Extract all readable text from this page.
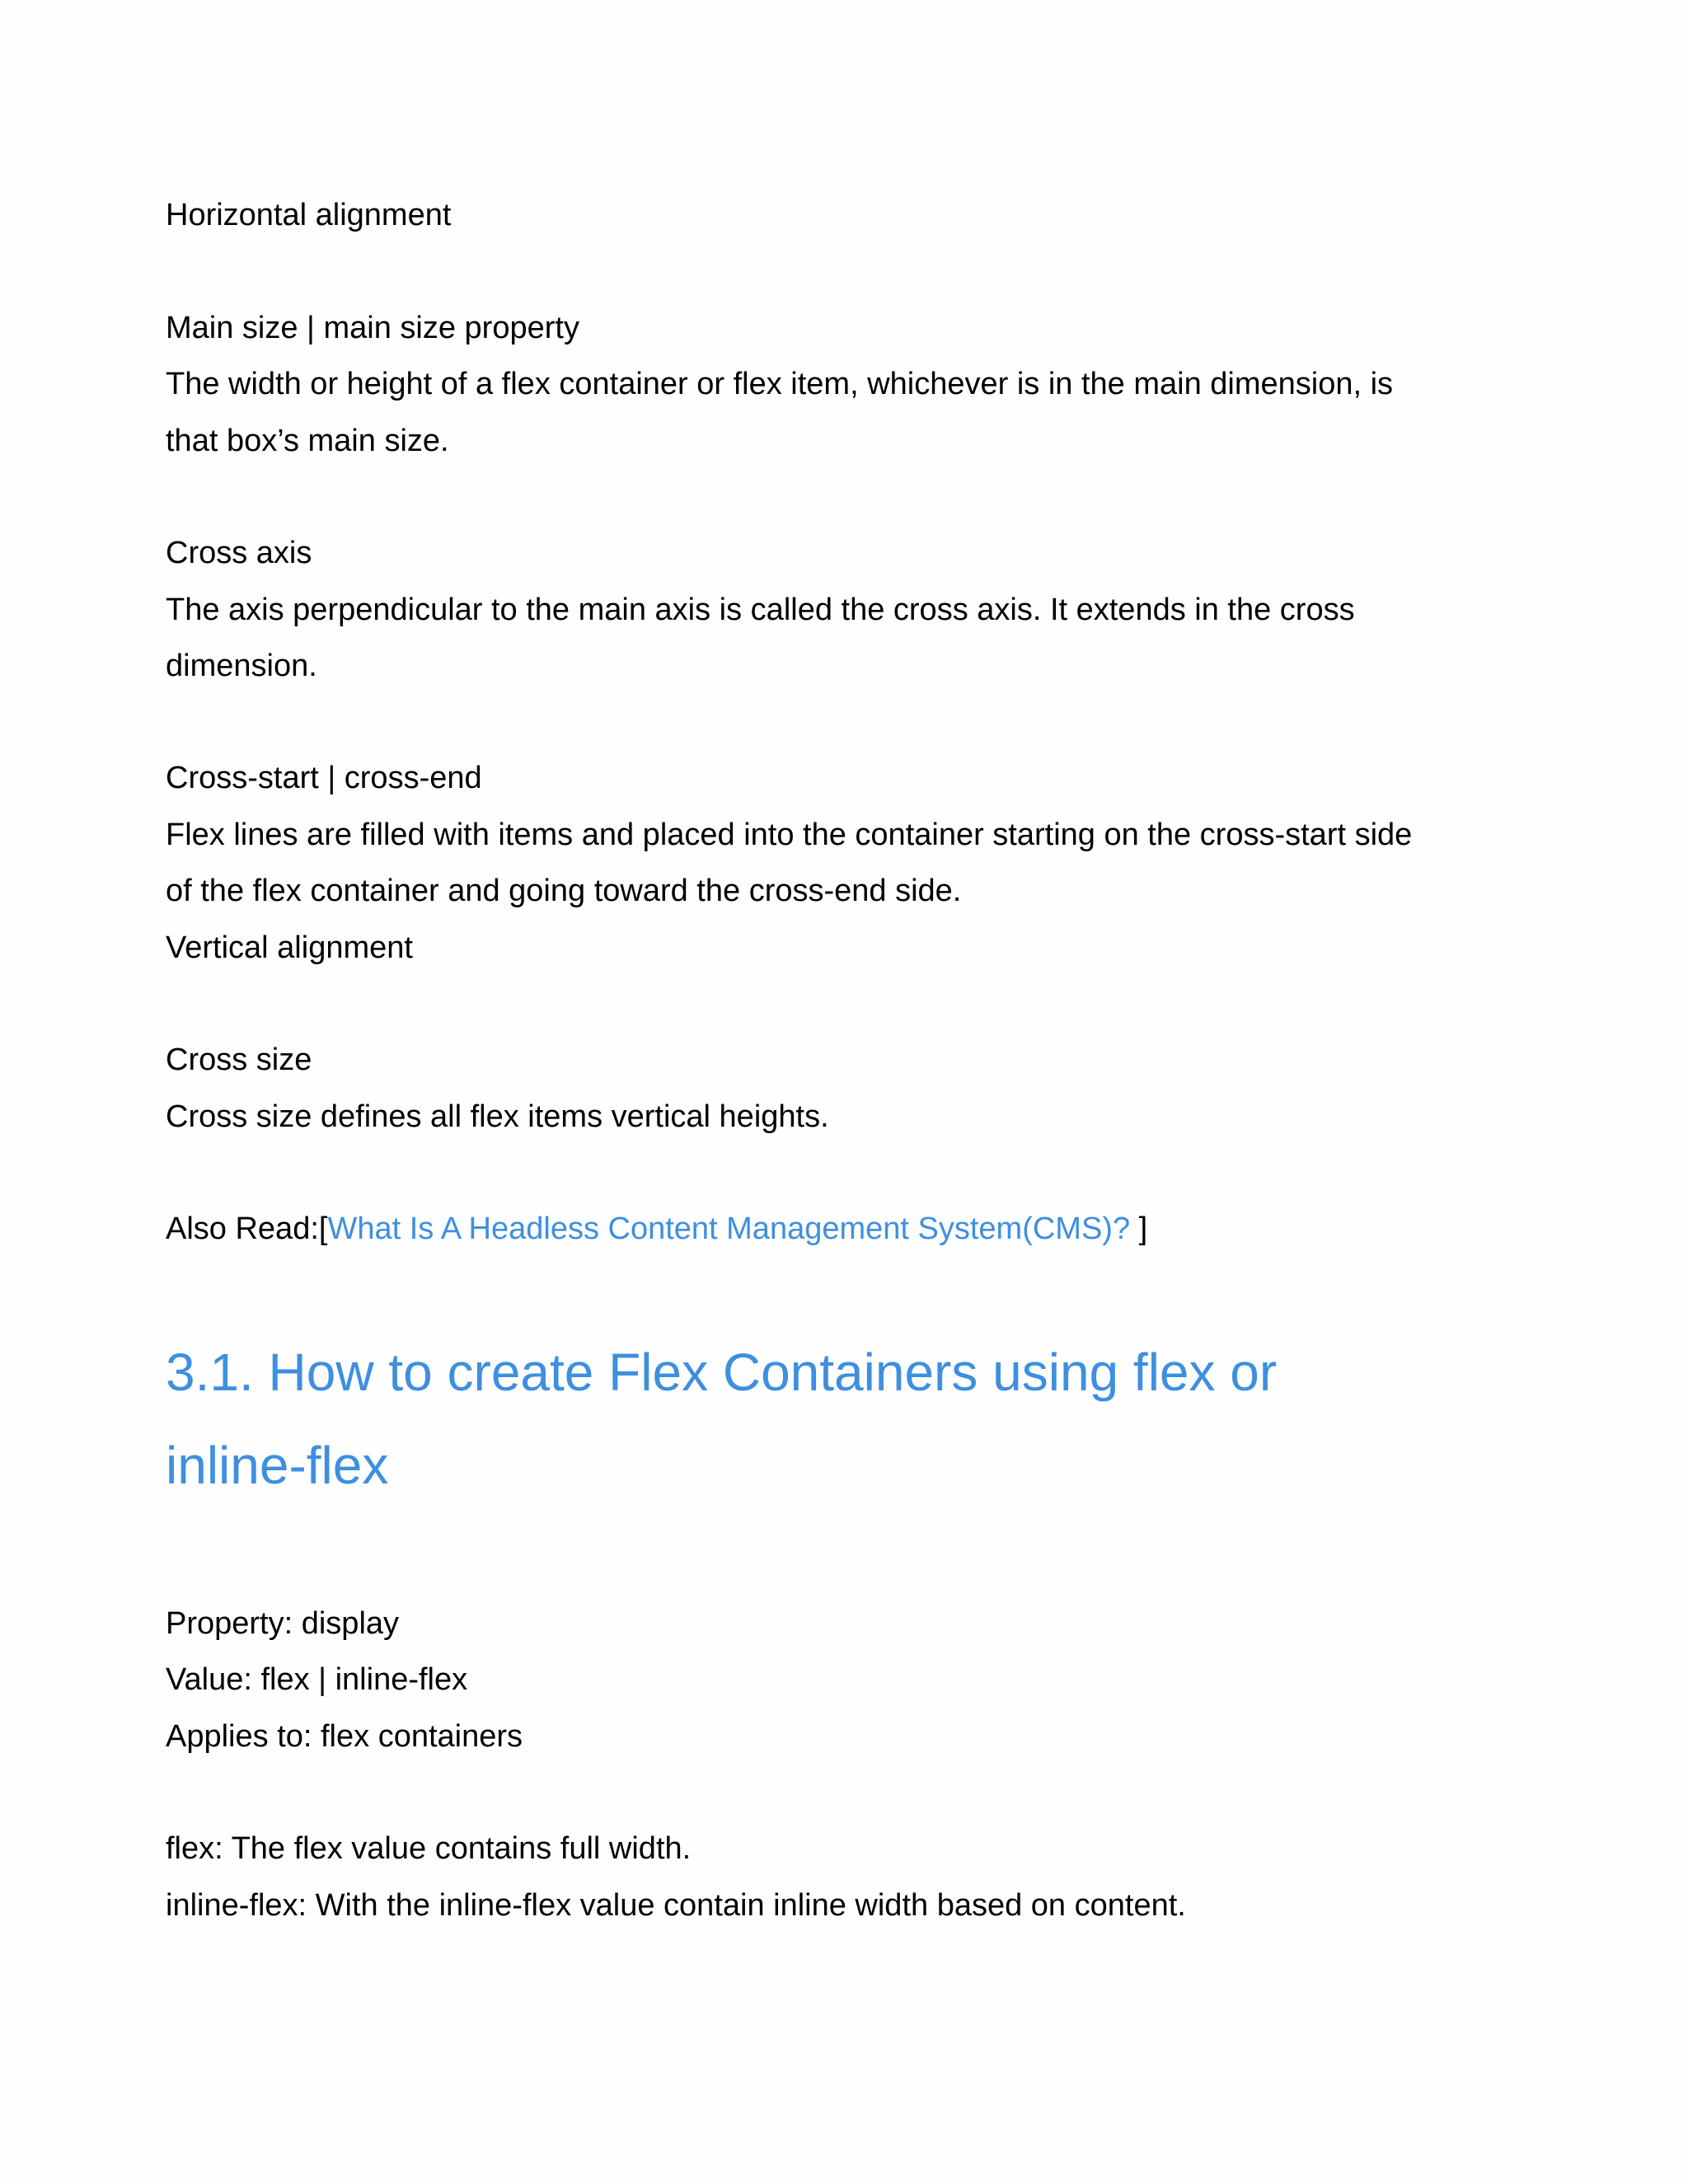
Horizontal alignment

Main size | main size property

The width or height of a flex container or flex item, whichever is in the main dimension, is

that box’s main size.

Cross axis

The axis perpendicular to the main axis is called the cross axis. It extends in the cross

dimension.

Cross-start | cross-end

Flex lines are filled with items and placed into the container starting on the cross-start side

of the flex container and going toward the cross-end side.

Vertical alignment

Cross size

Cross size defines all flex items vertical heights.

Also Read:[What Is A Headless Content Management System(CMS)? ]

3.1. How to create Flex Containers using flex or
inline-flex

Property: display

Value: flex | inline-flex

Applies to: flex containers

flex: The flex value contains full width.

inline-flex: With the inline-flex value contain inline width based on content.
